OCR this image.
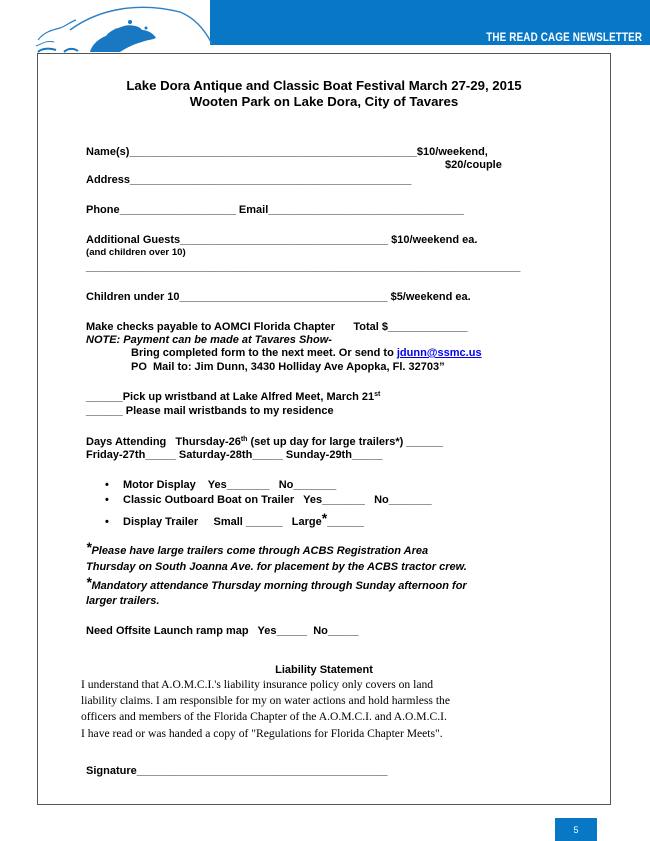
THE READ CAGE NEWSLETTER
Lake Dora Antique and Classic Boat Festival March 27-29, 2015
Wooten Park on Lake Dora, City of Tavares
Name(s)_______________________________________________$10/weekend,
$20/couple
Address______________________________________________
Phone___________________ Email________________________________
Additional Guests__________________________________ $10/weekend ea.
(and children over 10)
_______________________________________________________________________
Children under 10__________________________________ $5/weekend ea.
Make checks payable to AOMCI Florida Chapter      Total $_____________
NOTE: Payment can be made at Tavares Show-
Bring completed form to the next meet. Or send to jdunn@ssmc.us
PO  Mail to: Jim Dunn, 3430 Holliday Ave Apopka, Fl. 32703”
______Pick up wristband at Lake Alfred Meet, March 21st
______ Please mail wristbands to my residence
Days Attending   Thursday-26th (set up day for large trailers*) ______
Friday-27th_____ Saturday-28th_____ Sunday-29th_____
• Motor Display    Yes_______   No_______
• Classic Outboard Boat on Trailer   Yes_______   No_______
• Display Trailer     Small ______   Large*______
*Please have large trailers come through ACBS Registration Area
Thursday on South Joanna Ave. for placement by the ACBS tractor crew.
*Mandatory attendance Thursday morning through Sunday afternoon for
larger trailers.
Need Offsite Launch ramp map   Yes_____  No_____
Liability Statement
I understand that A.O.M.C.I.'s liability insurance policy only covers on land
liability claims. I am responsible for my on water actions and hold harmless the
officers and members of the Florida Chapter of the A.O.M.C.I. and A.O.M.C.I.
I have read or was handed a copy of "Regulations for Florida Chapter Meets".
Signature_________________________________________
5
